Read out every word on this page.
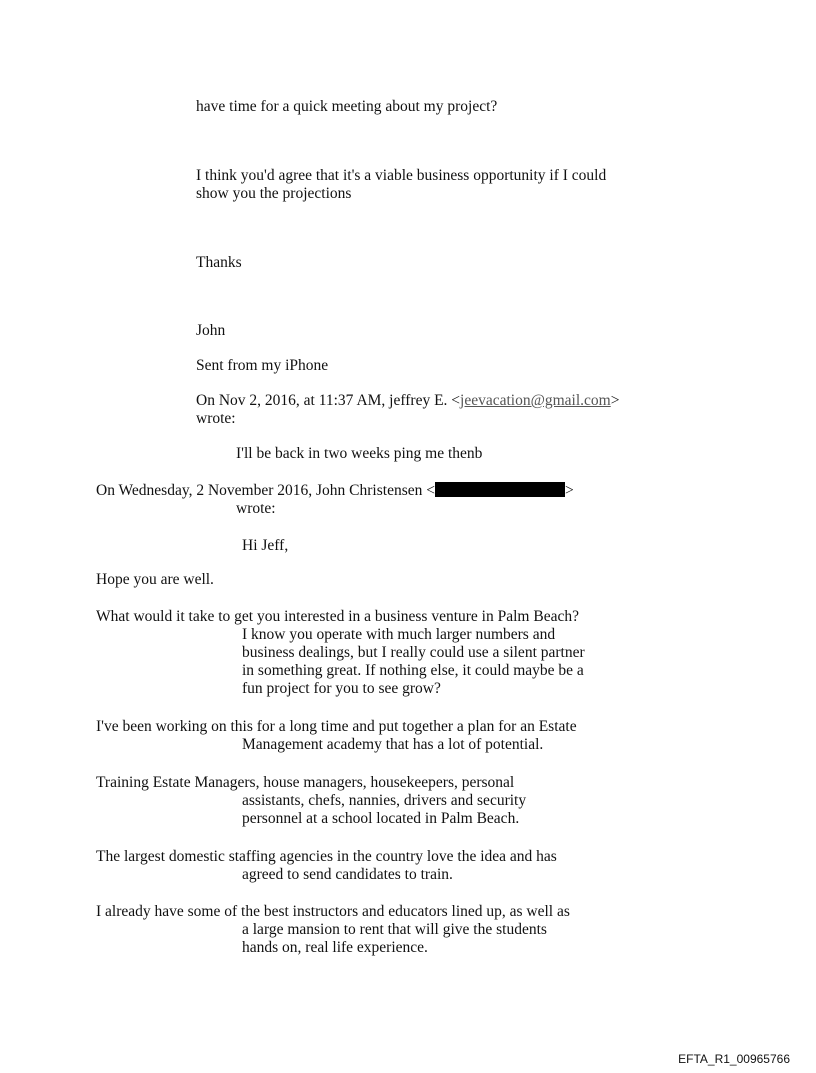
have time for a quick meeting about my project?
I think you'd agree that it's a viable business opportunity if I could
show you the projections
Thanks
John
Sent from my iPhone
On Nov 2, 2016, at 11:37 AM, jeffrey E. <jeevacation@gmail.com>
wrote:
I'll be back in two weeks ping me thenb
On Wednesday, 2 November 2016, John Christensen <	>
wrote:
Hi Jeff,
Hope you are well.
What would it take to get you interested in a business venture in Palm Beach?
I know you operate with much larger numbers and
business dealings, but I really could use a silent partner
in something great. If nothing else, it could maybe be a
fun project for you to see grow?
I've been working on this for a long time and put together a plan for an Estate
Management academy that has a lot of potential.
Training Estate Managers, house managers, housekeepers, personal
assistants, chefs, nannies, drivers and security
personnel at a school located in Palm Beach.
The largest domestic staffing agencies in the country love the idea and has
agreed to send candidates to train.
I already have some of the best instructors and educators lined up, as well as
a large mansion to rent that will give the students
hands on, real life experience.
EFTA_R1_00965766
